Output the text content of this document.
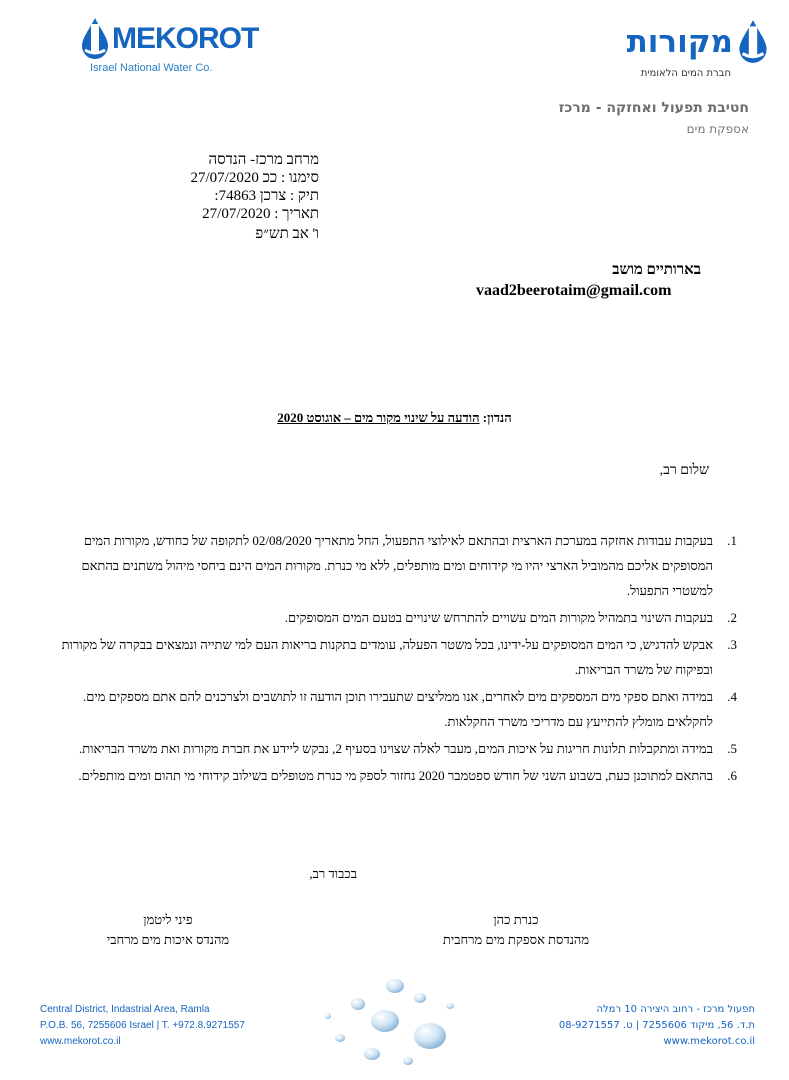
MEKOROT
Israel National Water Co.
מקורות
חברת המים הלאומית
חטיבת תפעול ואחזקה - מרכז
אספקת מים
מרחב מרכז- הנדסה
סימנו : ככ 27/07/2020
תיק : צרכן 74863:
תאריך : 27/07/2020
ו' אב תש״פ
בארותיים מושב
vaad2beerotaim@gmail.com
הנדון: הודעה על שינוי מקור מים – אוגוסט 2020
שלום רב,
1.
בעקבות עבודות אחזקה במערכת הארצית ובהתאם לאילוצי התפעול, החל מתאריך 02/08/2020 לתקופה של כחודש, מקורות המים המסופקים אליכם מהמוביל הארצי יהיו מי קידוחים ומים מותפלים, ללא מי כנרת. מקורות המים הינם ביחסי מיהול משתנים בהתאם למשטרי התפעול.
2.
בעקבות השינוי בתמהיל מקורות המים עשויים להתרחש שינויים בטעם המים המסופקים.
3.
אבקש להדגיש, כי המים המסופקים על-ידינו, בכל משטר הפעלה, עומדים בתקנות בריאות העם למי שתייה ונמצאים בבקרה של מקורות ובפיקוח של משרד הבריאות.
4.
במידה ואתם ספקי מים המספקים מים לאחרים, אנו ממליצים שתעבירו תוכן הודעה זו לתושבים ולצרכנים להם אתם מספקים מים. לחקלאים מומלץ להתייעץ עם מדריכי משרד החקלאות.
5.
במידה ומתקבלות תלונות חריגות על איכות המים, מעבר לאלה שצוינו בסעיף 2, נבקש ליידע את חברת מקורות ואת משרד הבריאות.
6.
בהתאם למתוכנן כעת, בשבוע השני של חודש ספטמבר 2020 נחזור לספק מי כנרת מטופלים בשילוב קידוחי מי תהום ומים מותפלים.
בכבוד רב,
פיני ליטמן
מהנדס איכות מים מרחבי
כנרת כהן
מהנדסת אספקת מים מרחבית
Central District, Indastrial Area, Ramla
P.O.B. 56, 7255606 Israel | T. +972.8.9271557
www.mekorot.co.il
תפעול מרכז - רחוב היצירה 10 רמלה
ת.ד. 56, מיקוד 7255606 | ט. 08-9271557
www.mekorot.co.il
